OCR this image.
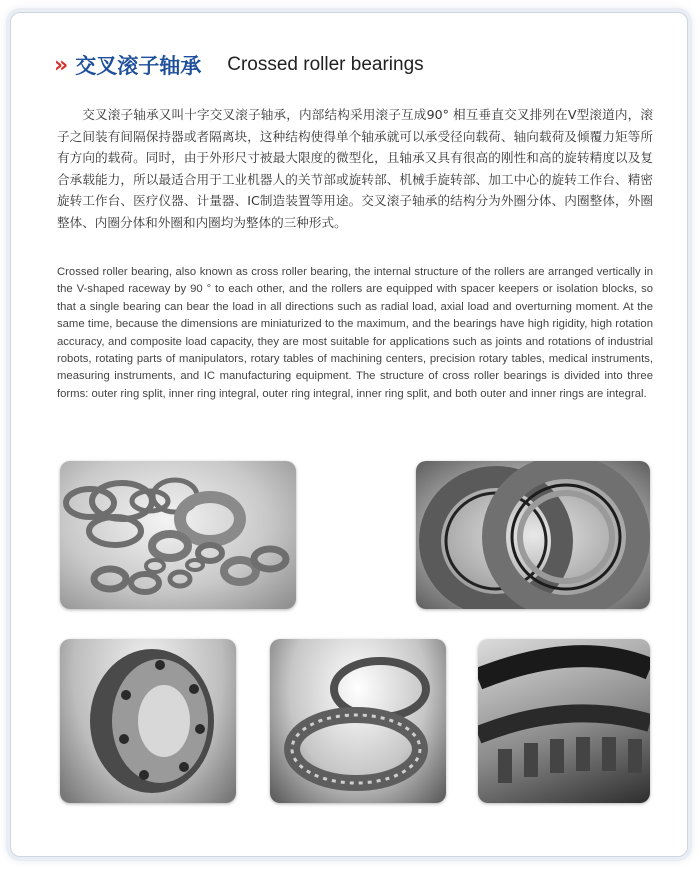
» 交叉滚子轴承 Crossed roller bearings

交叉滚子轴承又叫十字交叉滚子轴承，内部结构采用滚子互成90° 相互垂直交叉排列在V型滚道内，滚子之间装有间隔保持器或者隔离块，这种结构使得单个轴承就可以承受径向载荷、轴向载荷及倾覆力矩等所有方向的载荷。同时，由于外形尺寸被最大限度的微型化，且轴承又具有很高的刚性和高的旋转精度以及复合承载能力，所以最适合用于工业机器人的关节部或旋转部、机械手旋转部、加工中心的旋转工作台、精密旋转工作台、医疗仪器、计量器、IC制造装置等用途。交叉滚子轴承的结构分为外圈分体、内圈整体，外圈整体、内圈分体和外圈和内圈均为整体的三种形式。

Crossed roller bearing, also known as cross roller bearing, the internal structure of the rollers are arranged vertically in the V-shaped raceway by 90 ° to each other, and the rollers are equipped with spacer keepers or isolation blocks, so that a single bearing can bear the load in all directions such as radial load, axial load and overturning moment. At the same time, because the dimensions are miniaturized to the maximum, and the bearings have high rigidity, high rotation accuracy, and composite load capacity, they are most suitable for applications such as joints and rotations of industrial robots, rotating parts of manipulators, rotary tables of machining centers, precision rotary tables, medical instruments, measuring instruments, and IC manufacturing equipment. The structure of cross roller bearings is divided into three forms: outer ring split, inner ring integral, outer ring integral, inner ring split, and both outer and inner rings are integral.
